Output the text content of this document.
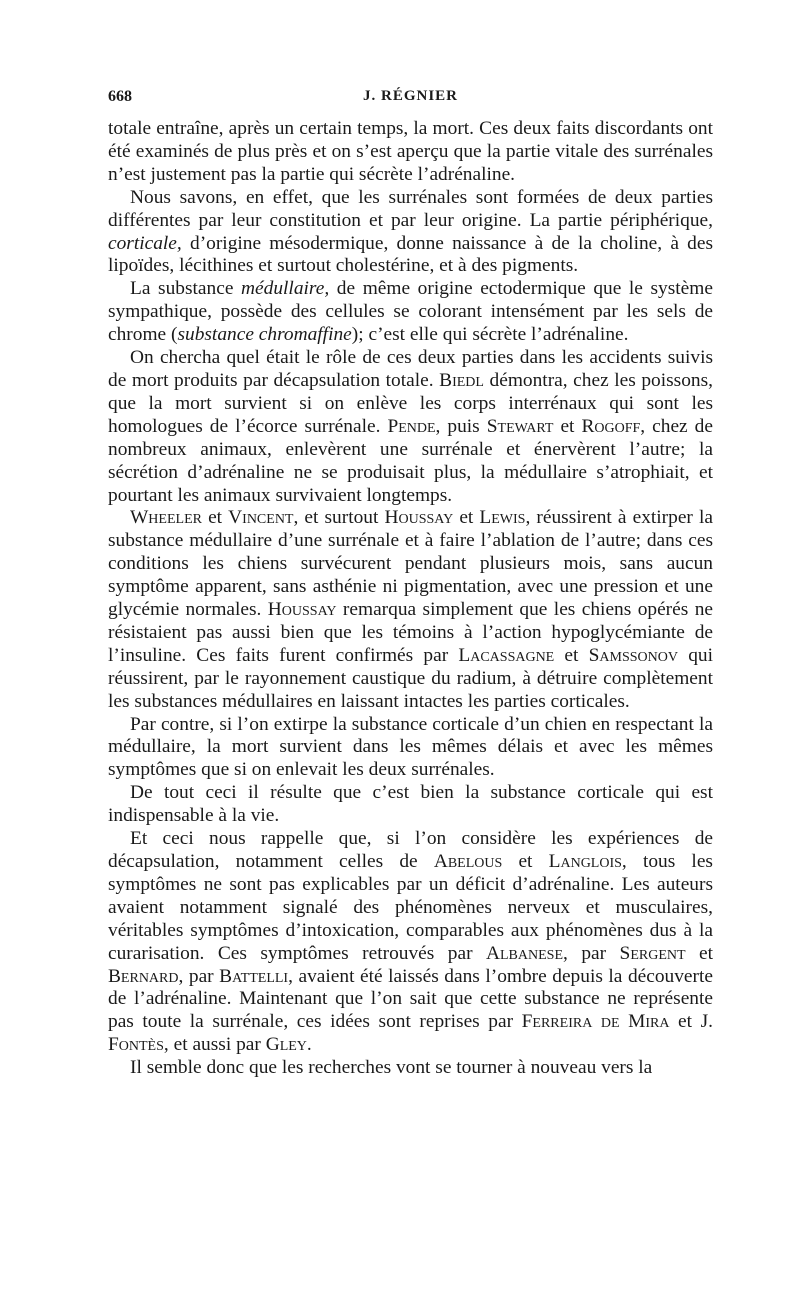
668	J. RÉGNIER

totale entraîne, après un certain temps, la mort. Ces deux faits discordants ont été examinés de plus près et on s’est aperçu que la partie vitale des surrénales n’est justement pas la partie qui sécrète l’adrénaline.

Nous savons, en effet, que les surrénales sont formées de deux parties différentes par leur constitution et par leur origine. La partie périphérique, corticale, d’origine mésodermique, donne naissance à de la choline, à des lipoïdes, lécithines et surtout cholestérine, et à des pigments.

La substance médullaire, de même origine ectodermique que le système sympathique, possède des cellules se colorant intensément par les sels de chrome (substance chromaffine); c’est elle qui sécrète l’adrénaline.

On chercha quel était le rôle de ces deux parties dans les accidents suivis de mort produits par décapsulation totale. Biedl démontra, chez les poissons, que la mort survient si on enlève les corps interrénaux qui sont les homologues de l’écorce surrénale. Pende, puis Stewart et Rogoff, chez de nombreux animaux, enlevèrent une surrénale et énervèrent l’autre; la sécrétion d’adrénaline ne se produisait plus, la médullaire s’atrophiait, et pourtant les animaux survivaient longtemps.

Wheeler et Vincent, et surtout Houssay et Lewis, réussirent à extirper la substance médullaire d’une surrénale et à faire l’ablation de l’autre; dans ces conditions les chiens survécurent pendant plusieurs mois, sans aucun symptôme apparent, sans asthénie ni pigmentation, avec une pression et une glycémie normales. Houssay remarqua simplement que les chiens opérés ne résistaient pas aussi bien que les témoins à l’action hypoglycémiante de l’insuline. Ces faits furent confirmés par Lacassagne et Samssonov qui réussirent, par le rayonnement caustique du radium, à détruire complètement les substances médullaires en laissant intactes les parties corticales.

Par contre, si l’on extirpe la substance corticale d’un chien en respectant la médullaire, la mort survient dans les mêmes délais et avec les mêmes symptômes que si on enlevait les deux surrénales.

De tout ceci il résulte que c’est bien la substance corticale qui est indispensable à la vie.

Et ceci nous rappelle que, si l’on considère les expériences de décapsulation, notamment celles de Abelous et Langlois, tous les symptômes ne sont pas explicables par un déficit d’adrénaline. Les auteurs avaient notamment signalé des phénomènes nerveux et musculaires, véritables symptômes d’intoxication, comparables aux phénomènes dus à la curarisation. Ces symptômes retrouvés par Albanese, par Sergent et Bernard, par Battelli, avaient été laissés dans l’ombre depuis la découverte de l’adrénaline. Maintenant que l’on sait que cette substance ne représente pas toute la surrénale, ces idées sont reprises par Ferreira de Mira et J. Fontès, et aussi par Gley.

Il semble donc que les recherches vont se tourner à nouveau vers la
